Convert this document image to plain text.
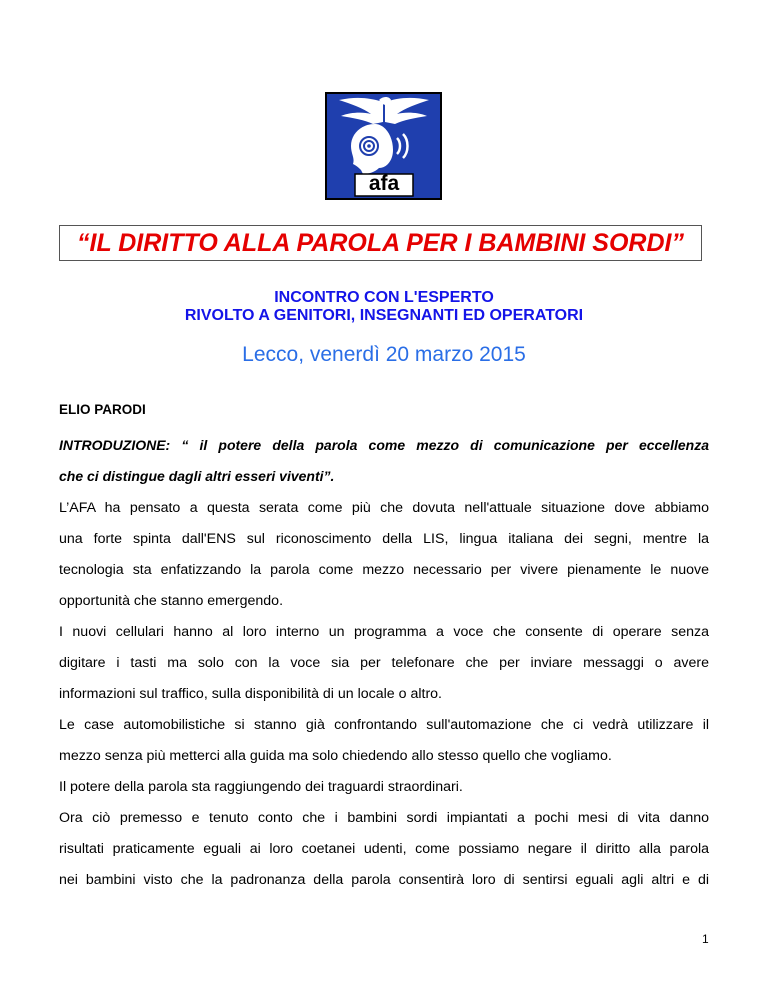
afa
“IL DIRITTO ALLA PAROLA PER I BAMBINI SORDI”
INCONTRO CON L'ESPERTO
RIVOLTO A GENITORI, INSEGNANTI ED OPERATORI
Lecco, venerdì 20 marzo 2015
ELIO PARODI
INTRODUZIONE: “ il potere della parola come mezzo di comunicazione per eccellenza
che ci distingue dagli altri esseri viventi”.
L’AFA ha pensato a questa serata come più che dovuta nell'attuale situazione dove abbiamo
una forte spinta dall'ENS sul riconoscimento della LIS, lingua italiana dei segni, mentre la
tecnologia sta enfatizzando la parola come mezzo necessario per vivere pienamente le nuove
opportunità che stanno emergendo.
I nuovi cellulari hanno al loro interno un programma a voce che consente di operare senza
digitare i tasti ma solo con la voce sia per telefonare che per inviare messaggi o avere
informazioni sul traffico, sulla disponibilità di un locale o altro.
Le case automobilistiche si stanno già confrontando sull'automazione che ci vedrà utilizzare il
mezzo senza più metterci alla guida ma solo chiedendo allo stesso quello che vogliamo.
Il potere della parola sta raggiungendo dei traguardi straordinari.
Ora ciò premesso e tenuto conto che i bambini sordi impiantati a pochi mesi di vita danno
risultati praticamente eguali ai loro coetanei udenti, come possiamo negare il diritto alla parola
nei bambini visto che la padronanza della parola consentirà loro di sentirsi eguali agli altri e di
1
